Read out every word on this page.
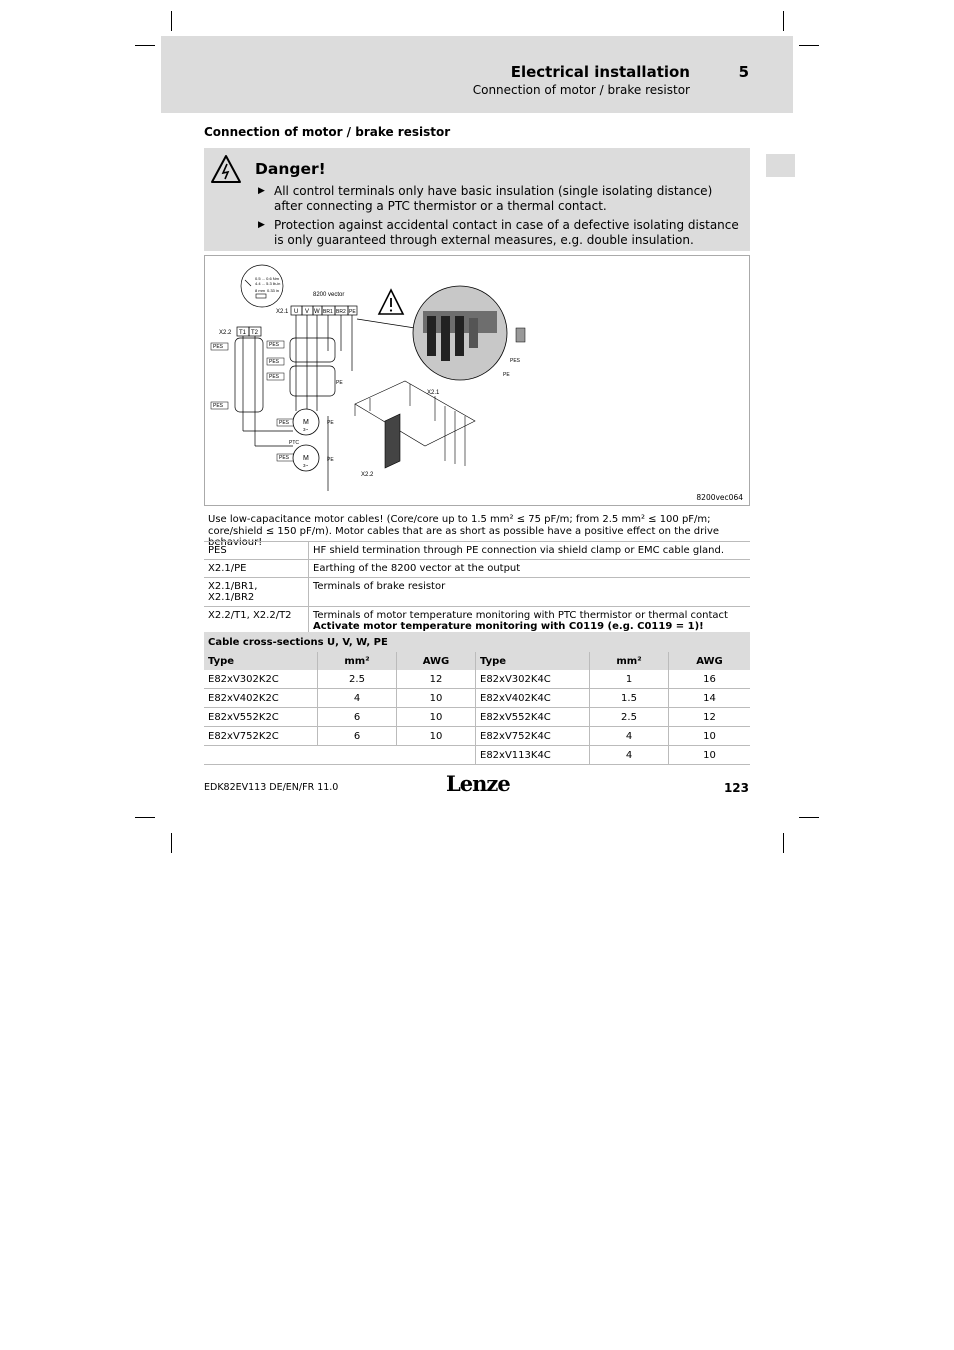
Electrical installation	5
Connection of motor / brake resistor
Connection of motor / brake resistor
Danger!
▶ All control terminals only have basic insulation (single isolating distance) after connecting a PTC thermistor or a thermal contact.
▶ Protection against accidental contact in case of a defective isolating distance is only guaranteed through external measures, e.g. double insulation.
0.5 ... 0.6 Nm
4.4 ... 5.3 lb-in
8 mm 0.33 in
8200 vector
X2.1 U V W BR1 BR2 PE
X2.2 T1 T2
PES	PES
PES
PES
PES
PES
PES
PE
PE
PE
PTC
M
3~
M
3~
PES
PE
X2.1
X2.2
8200vec064
Use low-capacitance motor cables! (Core/core up to 1.5 mm² ≤ 75 pF/m; from 2.5 mm² ≤ 100 pF/m; core/shield ≤ 150 pF/m). Motor cables that are as short as possible have a positive effect on the drive behaviour!
PES	HF shield termination through PE connection via shield clamp or EMC cable gland.
X2.1/PE	Earthing of the 8200 vector at the output
X2.1/BR1, X2.1/BR2	Terminals of brake resistor
X2.2/T1, X2.2/T2	Terminals of motor temperature monitoring with PTC thermistor or thermal contact
Activate motor temperature monitoring with C0119 (e.g. C0119 = 1)!
Cable cross-sections U, V, W, PE					
Type	mm²	AWG	Type	mm²	AWG
E82xV302K2C	2.5	12	E82xV302K4C	1	16
E82xV402K2C	4	10	E82xV402K4C	1.5	14
E82xV552K2C	6	10	E82xV552K4C	2.5	12
E82xV752K2C	6	10	E82xV752K4C	4	10
			E82xV113K4C	4	10
EDK82EV113 DE/EN/FR 11.0	Lenze	123
